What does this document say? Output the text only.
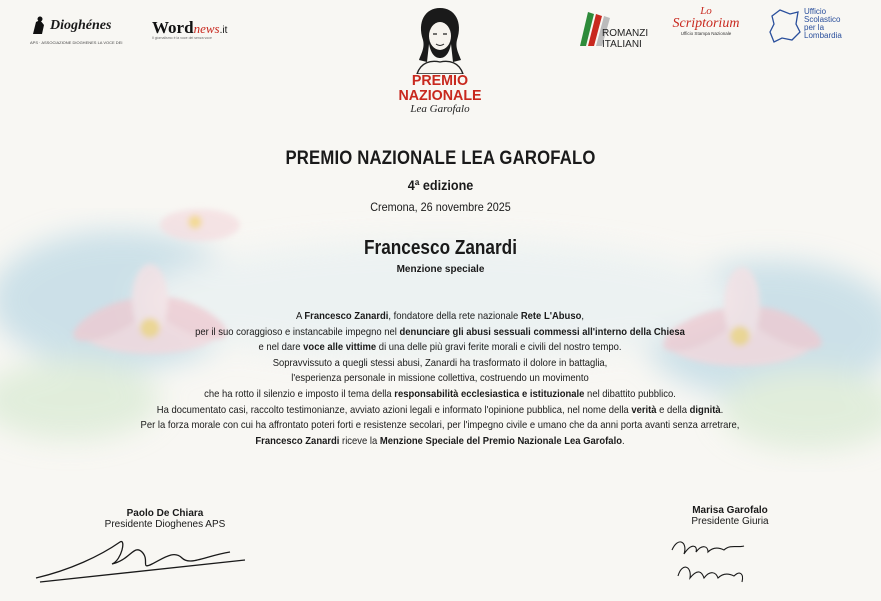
Dioghénes
APS · ASSOCIAZIONE DIOGHENES LA VOCE DEI
Wordnews.it
Il giornalismo è la voce dei senza voce
PREMIO
NAZIONALE
Lea Garofalo
ROMANZI
ITALIANI
Lo
Scriptorium
Ufficio Stampa Nazionale
Ufficio
Scolastico
per la
Lombardia
PREMIO NAZIONALE LEA GAROFALO
4ª edizione
Cremona, 26 novembre 2025
Francesco Zanardi
Menzione speciale
A Francesco Zanardi, fondatore della rete nazionale Rete L'Abuso,
per il suo coraggioso e instancabile impegno nel denunciare gli abusi sessuali commessi all'interno della Chiesa
e nel dare voce alle vittime di una delle più gravi ferite morali e civili del nostro tempo.
Sopravvissuto a quegli stessi abusi, Zanardi ha trasformato il dolore in battaglia,
l'esperienza personale in missione collettiva, costruendo un movimento
che ha rotto il silenzio e imposto il tema della responsabilità ecclesiastica e istituzionale nel dibattito pubblico.
Ha documentato casi, raccolto testimonianze, avviato azioni legali e informato l'opinione pubblica, nel nome della verità e della dignità.
Per la forza morale con cui ha affrontato poteri forti e resistenze secolari, per l'impegno civile e umano che da anni porta avanti senza arretrare,
Francesco Zanardi riceve la Menzione Speciale del Premio Nazionale Lea Garofalo.
Paolo De Chiara
Presidente Dioghenes APS
Marisa Garofalo
Presidente Giuria
